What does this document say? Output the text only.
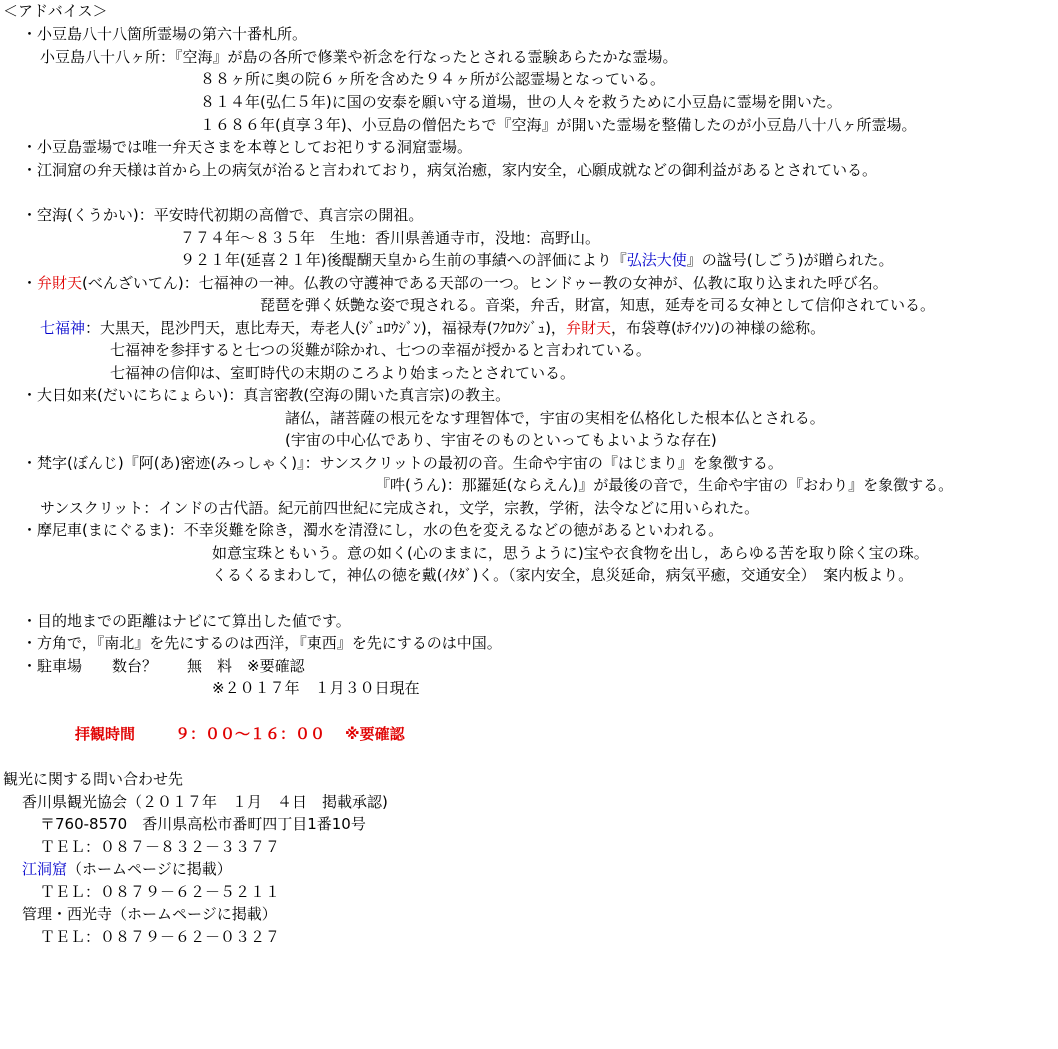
＜アドバイス＞
・小豆島八十八箇所霊場の第六十番札所。
小豆島八十八ヶ所：『空海』が島の各所で修業や祈念を行なったとされる霊験あらたかな霊場。
８８ヶ所に奥の院６ヶ所を含めた９４ヶ所が公認霊場となっている。
８１４年(弘仁５年)に国の安泰を願い守る道場，世の人々を救うために小豆島に霊場を開いた。
１６８６年(貞享３年)、小豆島の僧侶たちで『空海』が開いた霊場を整備したのが小豆島八十八ヶ所霊場。
・小豆島霊場では唯一弁天さまを本尊としてお祀りする洞窟霊場。
・江洞窟の弁天様は首から上の病気が治ると言われており，病気治癒，家内安全，心願成就などの御利益があるとされている。
・空海(くうかい)：平安時代初期の高僧で、真言宗の開祖。
７７４年～８３５年　生地：香川県善通寺市，没地：高野山。
９２１年(延喜２１年)後醍醐天皇から生前の事績への評価により『弘法大使』の諡号(しごう)が贈られた。
・弁財天(べんざいてん)：七福神の一神。仏教の守護神である天部の一つ。ヒンドゥー教の女神が、仏教に取り込まれた呼び名。
琵琶を弾く妖艶な姿で現される。音楽，弁舌，財富，知恵，延寿を司る女神として信仰されている。
七福神：大黒天，毘沙門天，恵比寿天，寿老人(ｼﾞｭﾛｳｼﾞﾝ)，福禄寿(ﾌｸﾛｸｼﾞｭ)，弁財天，布袋尊(ﾎﾃｲｿﾝ)の神様の総称。
七福神を参拝すると七つの災難が除かれ、七つの幸福が授かると言われている。
七福神の信仰は、室町時代の末期のころより始まったとされている。
・大日如来(だいにちにょらい)：真言密教(空海の開いた真言宗)の教主。
諸仏，諸菩薩の根元をなす理智体で，宇宙の実相を仏格化した根本仏とされる。
(宇宙の中心仏であり、宇宙そのものといってもよいような存在)
・梵字(ぼんじ)『阿(あ)密迹(みっしゃく)』：サンスクリットの最初の音。生命や宇宙の『はじまり』を象徴する。
『吽(うん)：那羅延(ならえん)』が最後の音で，生命や宇宙の『おわり』を象徴する。
サンスクリット：インドの古代語。紀元前四世紀に完成され，文学，宗教，学術，法令などに用いられた。
・摩尼車(まにぐるま)：不幸災難を除き，濁水を清澄にし，水の色を変えるなどの徳があるといわれる。
如意宝珠ともいう。意の如く(心のままに，思うように)宝や衣食物を出し，あらゆる苦を取り除く宝の珠。
くるくるまわして，神仏の徳を戴(ｲﾀﾀﾞ)く。（家内安全，息災延命，病気平癒，交通安全）　案内板より。
・目的地までの距離はナビにて算出した値です。
・方角で，『南北』を先にするのは西洋，『東西』を先にするのは中国。
・駐車場　　数台？　　無　料　※要確認
※２０１７年　１月３０日現在
拝観時間	９：００～１６：００ ※要確認
観光に関する問い合わせ先
香川県観光協会（２０１７年　１月　４日　掲載承認)
〒760-8570　香川県高松市番町四丁目1番10号
ＴＥＬ：０８７－８３２－３３７７
江洞窟（ホームページに掲載）
ＴＥＬ：０８７９－６２－５２１１
管理・西光寺（ホームページに掲載）
ＴＥＬ：０８７９－６２－０３２７
